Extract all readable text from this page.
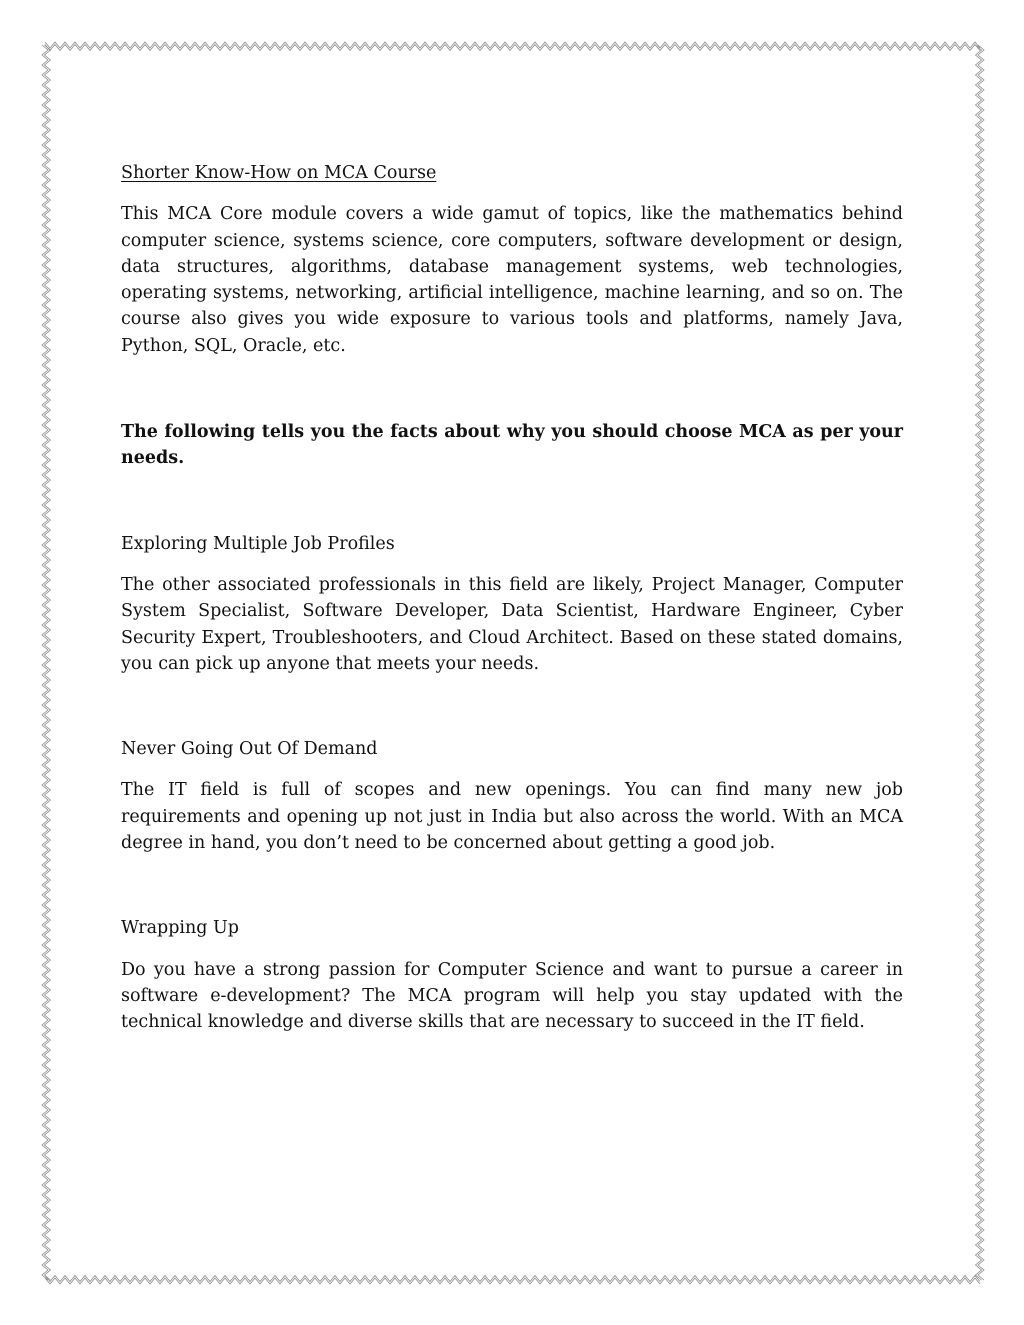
Shorter Know-How on MCA Course

This MCA Core module covers a wide gamut of topics, like the mathematics behind computer science, systems science, core computers, software development or design, data structures, algorithms, database management systems, web technologies, operating systems, networking, artificial intelligence, machine learning, and so on. The course also gives you wide exposure to various tools and platforms, namely Java, Python, SQL, Oracle, etc.

The following tells you the facts about why you should choose MCA as per your needs.

Exploring Multiple Job Profiles

The other associated professionals in this field are likely, Project Manager, Computer System Specialist, Software Developer, Data Scientist, Hardware Engineer, Cyber Security Expert, Troubleshooters, and Cloud Architect. Based on these stated domains, you can pick up anyone that meets your needs.

Never Going Out Of Demand

The IT field is full of scopes and new openings. You can find many new job requirements and opening up not just in India but also across the world. With an MCA degree in hand, you don’t need to be concerned about getting a good job.

Wrapping Up

Do you have a strong passion for Computer Science and want to pursue a career in software e-development? The MCA program will help you stay updated with the technical knowledge and diverse skills that are necessary to succeed in the IT field.
